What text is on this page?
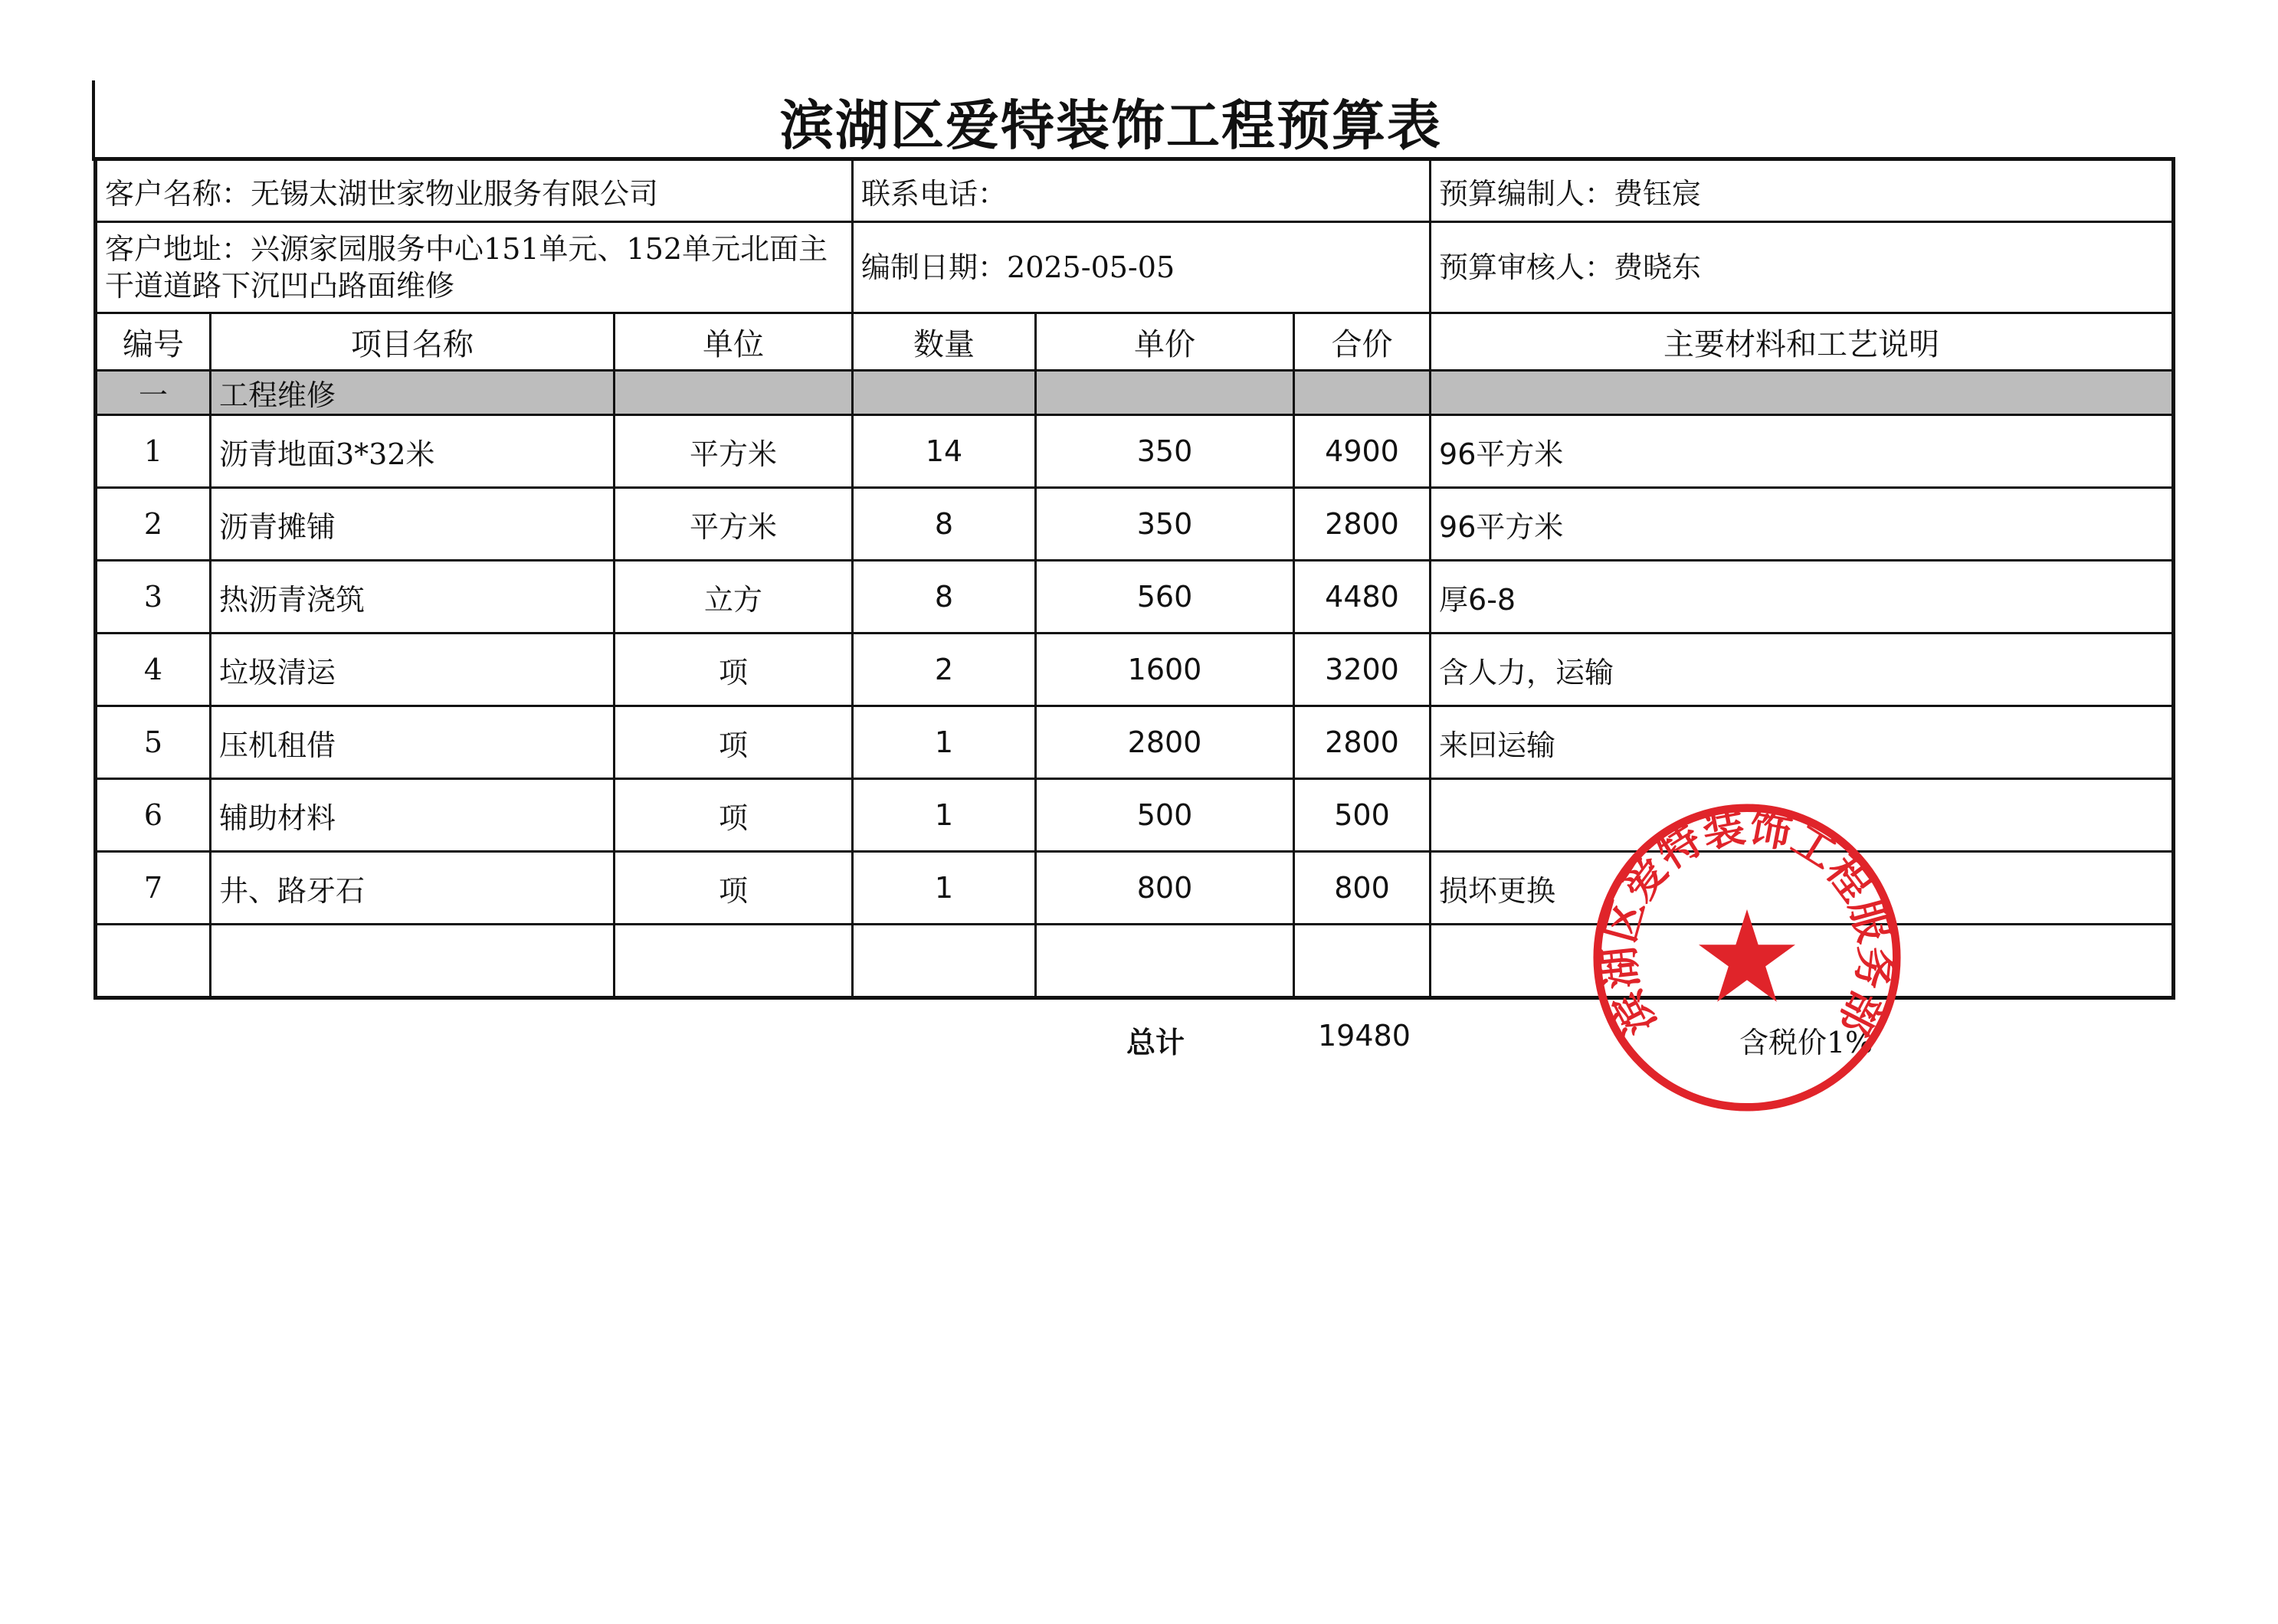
滨湖区爱特装饰工程预算表
客户名称：无锡太湖世家物业服务有限公司			联系电话：			预算编制人：费钰宸
客户地址：兴源家园服务中心151单元、152单元北面主干道道路下沉凹凸路面维修			编制日期：2025-05-05			预算审核人：费晓东
编号	项目名称	单位	数量	单价	合价	主要材料和工艺说明
一	工程维修					
1	沥青地面3*32米	平方米	14	350	4900	96平方米
2	沥青摊铺	平方米	8	350	2800	96平方米
3	热沥青浇筑	立方	8	560	4480	厚6-8
4	垃圾清运	项	2	1600	3200	含人力，运输
5	压机租借	项	1	2800	2800	来回运输
6	辅助材料	项	1	500	500	
7	井、路牙石	项	1	800	800	损坏更换

总计	19480	含税价1%
滨湖区爱特装饰工程服务部
